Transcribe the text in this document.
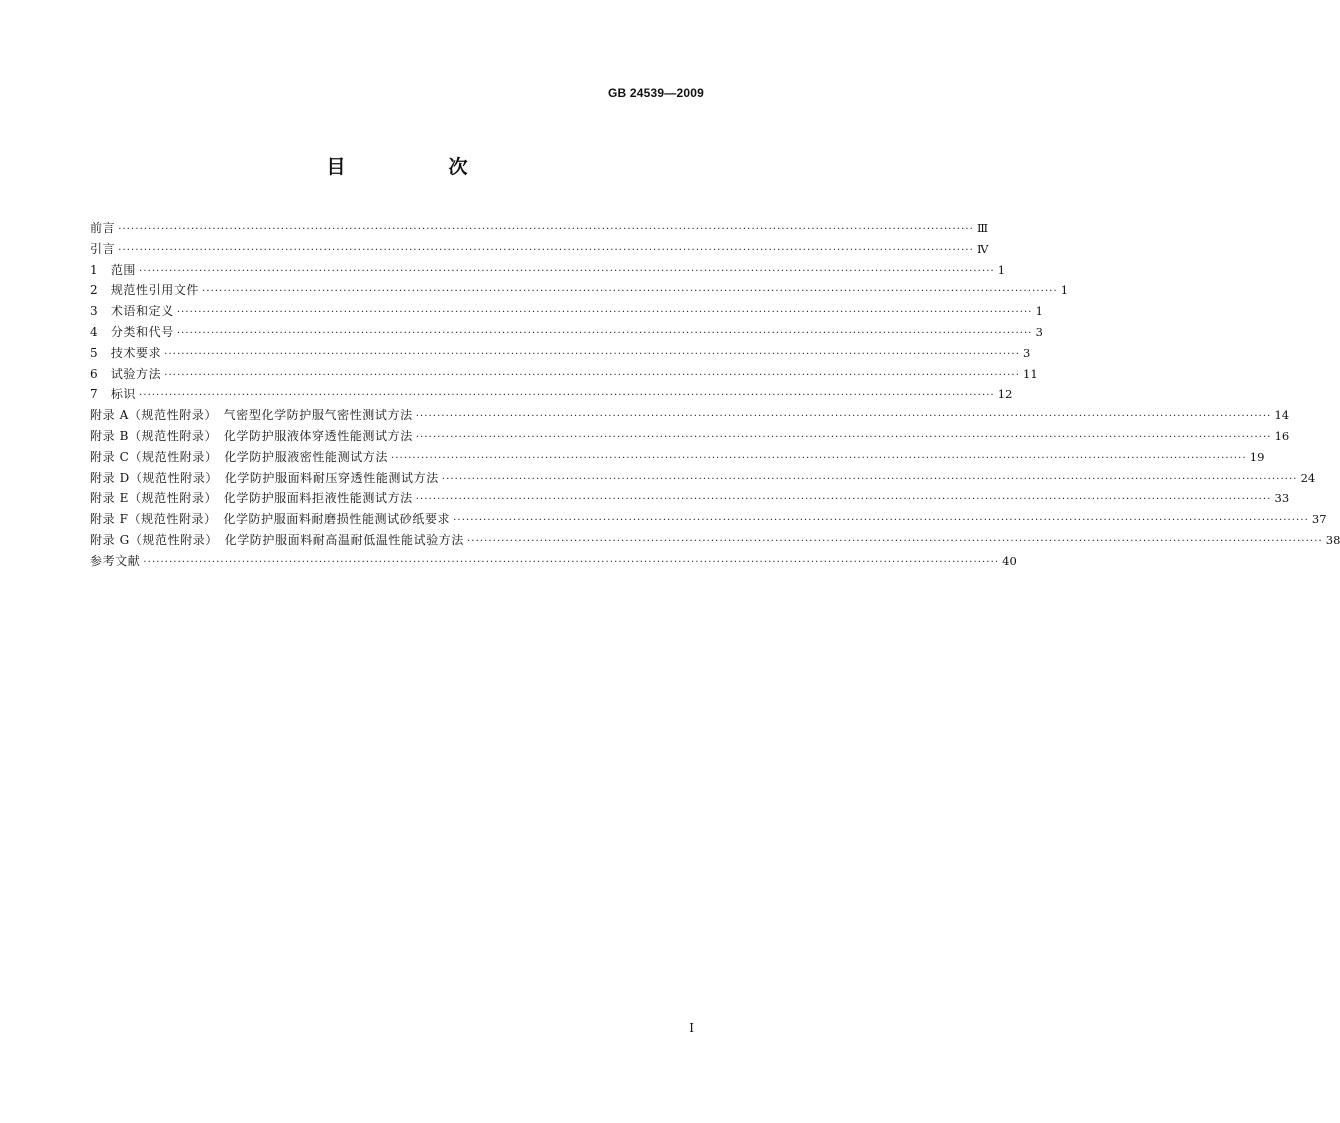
GB 24539—2009
目　次
前言 ········································································································································································································ Ⅲ
引言 ········································································································································································································ Ⅳ
1　范围 ········································································································································································································ 1
2　规范性引用文件 ········································································································································································································ 1
3　术语和定义 ········································································································································································································ 1
4　分类和代号 ········································································································································································································ 3
5　技术要求 ········································································································································································································ 3
6　试验方法 ········································································································································································································ 11
7　标识 ········································································································································································································ 12
附录 A（规范性附录）　气密型化学防护服气密性测试方法 ········································································································································································································ 14
附录 B（规范性附录）　化学防护服液体穿透性能测试方法 ········································································································································································································ 16
附录 C（规范性附录）　化学防护服液密性能测试方法 ········································································································································································································ 19
附录 D（规范性附录）　化学防护服面料耐压穿透性能测试方法 ········································································································································································································ 24
附录 E（规范性附录）　化学防护服面料拒液性能测试方法 ········································································································································································································ 33
附录 F（规范性附录）　化学防护服面料耐磨损性能测试砂纸要求 ········································································································································································································ 37
附录 G（规范性附录）　化学防护服面料耐高温耐低温性能试验方法 ········································································································································································································ 38
参考文献 ········································································································································································································ 40
I
